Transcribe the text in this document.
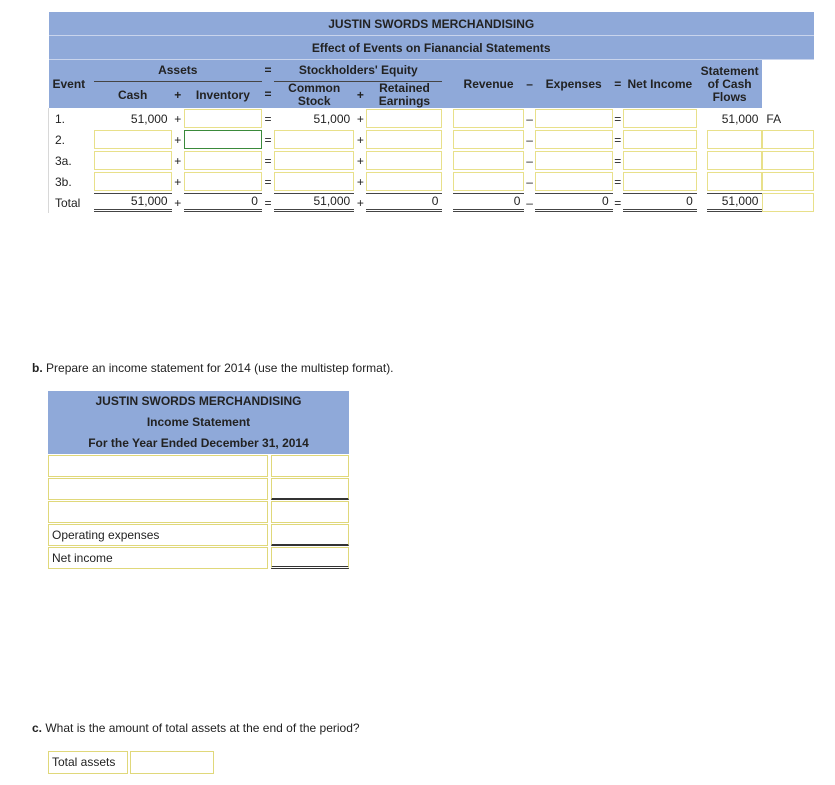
JUSTIN SWORDS MERCHANDISING																
Effect of Events on Fianancial Statements																
Event	Assets			=	Stockholders' Equity				Revenue	–	Expenses	=	Net Income	Statement of Cash Flows		
	Cash	+	Inventory	=	Common Stock	+	Retained Earnings									
1.	51,000	+		=	51,000	+				–		=			51,000	FA

2.		+		=		+				–		=	

3a.		+		=		+				–		=	

3b.		+		=		+				–		=	

Total	51,000	+	0	=	51,000	+	0		0	–	0	=	0		51,000	

b. Prepare an income statement for 2014 (use the multistep format).
JUSTIN SWORDS MERCHANDISING
Income Statement
For the Year Ended December 31, 2014
Operating expenses
Net income
c. What is the amount of total assets at the end of the period?
Total assets
